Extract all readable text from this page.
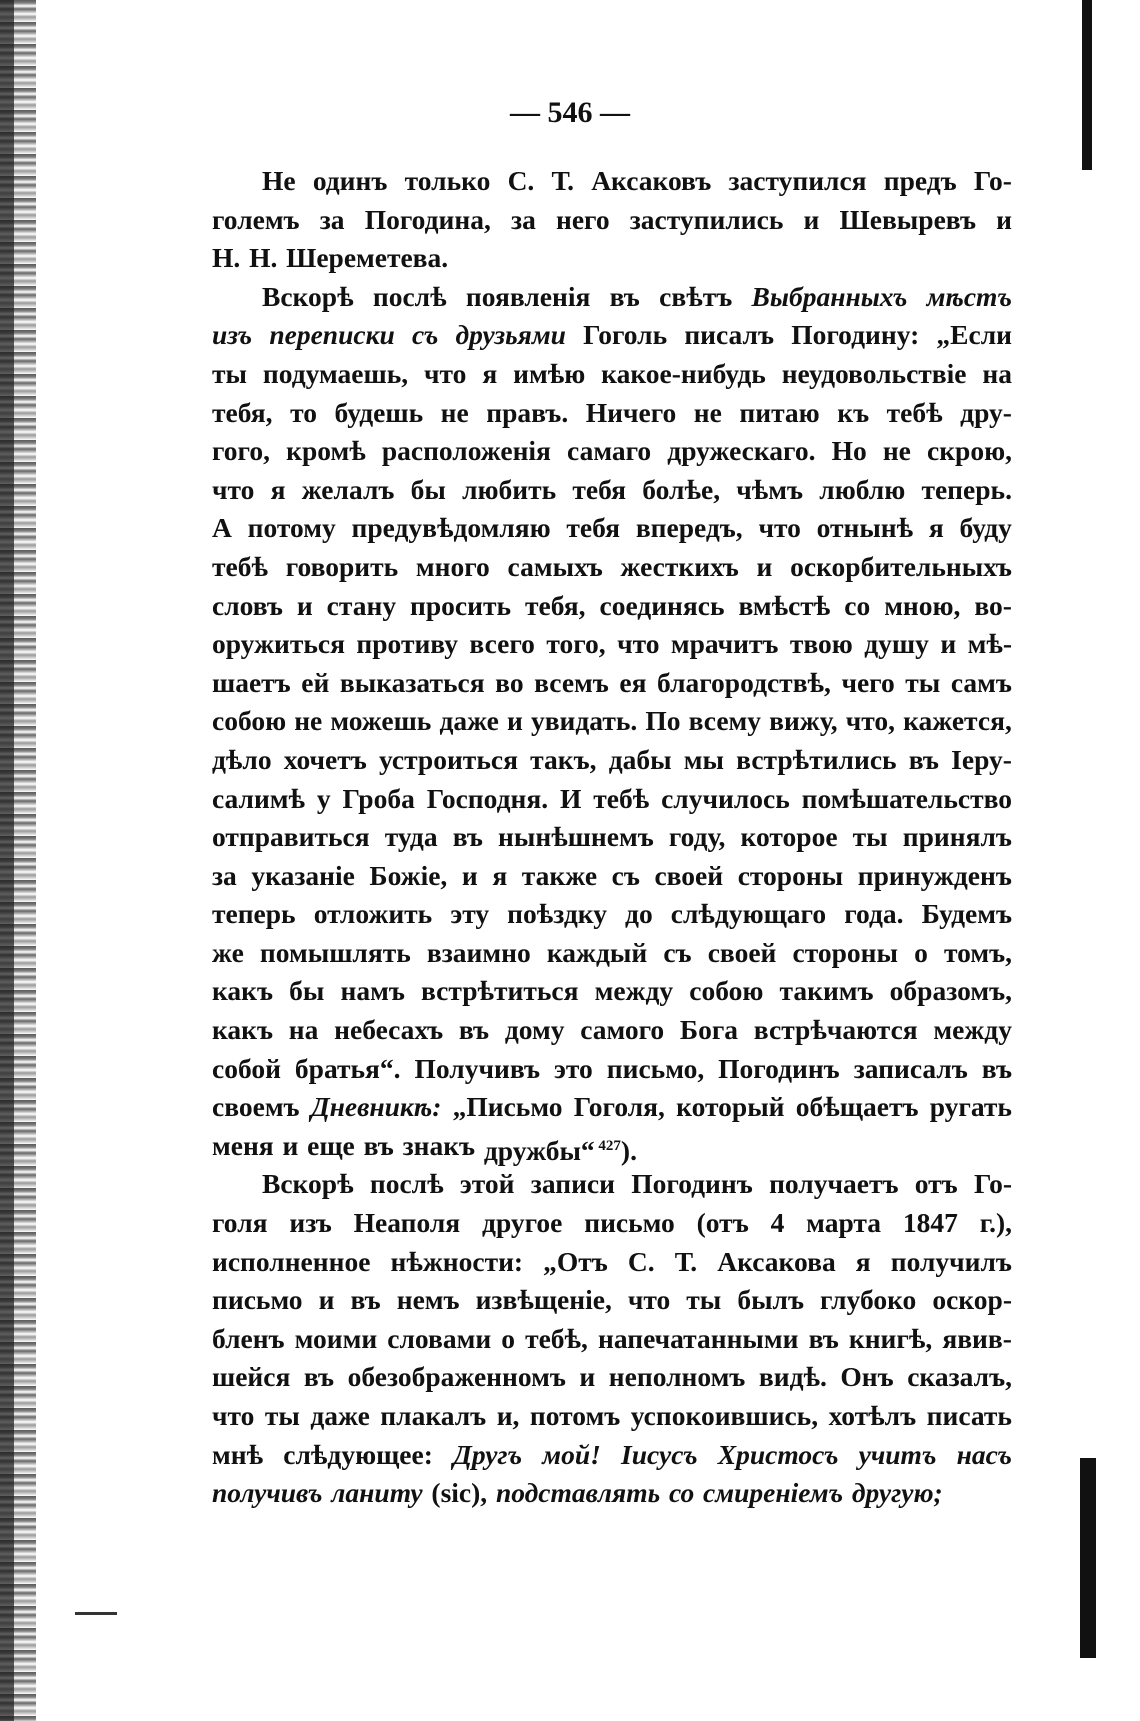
— 546 —
Не одинъ только С. Т. Аксаковъ заступился предъ Го-
големъ за Погодина, за него заступились и Шевыревъ и
Н. Н. Шереметева.
Вскорѣ послѣ появленія въ свѣтъ Выбранныхъ мѣстъ
изъ переписки съ друзьями Гоголь писалъ Погодину: „Если
ты подумаешь, что я имѣю какое-нибудь неудовольствіе на
тебя, то будешь не правъ. Ничего не питаю къ тебѣ дру-
гого, кромѣ расположенія самаго дружескаго. Но не скрою,
что я желалъ бы любить тебя болѣе, чѣмъ люблю теперь.
А потому предувѣдомляю тебя впередъ, что отнынѣ я буду
тебѣ говорить много самыхъ жесткихъ и оскорбительныхъ
словъ и стану просить тебя, соединясь вмѣстѣ со мною, во-
оружиться противу всего того, что мрачитъ твою душу и мѣ-
шаетъ ей выказаться во всемъ ея благородствѣ, чего ты самъ
собою не можешь даже и увидать. По всему вижу, что, кажется,
дѣло хочетъ устроиться такъ, дабы мы встрѣтились въ Іеру-
салимѣ у Гроба Господня. И тебѣ случилось помѣшательство
отправиться туда въ нынѣшнемъ году, которое ты принялъ
за указаніе Божіе, и я также съ своей стороны принужденъ
теперь отложить эту поѣздку до слѣдующаго года. Будемъ
же помышлять взаимно каждый съ своей стороны о томъ,
какъ бы намъ встрѣтиться между собою такимъ образомъ,
какъ на небесахъ въ дому самого Бога встрѣчаются между
собой братья“. Получивъ это письмо, Погодинъ записалъ въ
своемъ Дневникѣ: „Письмо Гоголя, который обѣщаетъ ругать
меня и еще въ знакъ дружбы“ $^{427}$).
Вскорѣ послѣ этой записи Погодинъ получаетъ отъ Го-
голя изъ Неаполя другое письмо (отъ 4 марта 1847 г.),
исполненное нѣжности: „Отъ С. Т. Аксакова я получилъ
письмо и въ немъ извѣщеніе, что ты былъ глубоко оскор-
бленъ моими словами о тебѣ, напечатанными въ книгѣ, явив-
шейся въ обезображенномъ и неполномъ видѣ. Онъ сказалъ,
что ты даже плакалъ и, потомъ успокоившись, хотѣлъ писать
мнѣ слѣдующее: Другъ мой! Іисусъ Христосъ учитъ насъ
получивъ ланиту (sic), подставлять со смиреніемъ другую;
